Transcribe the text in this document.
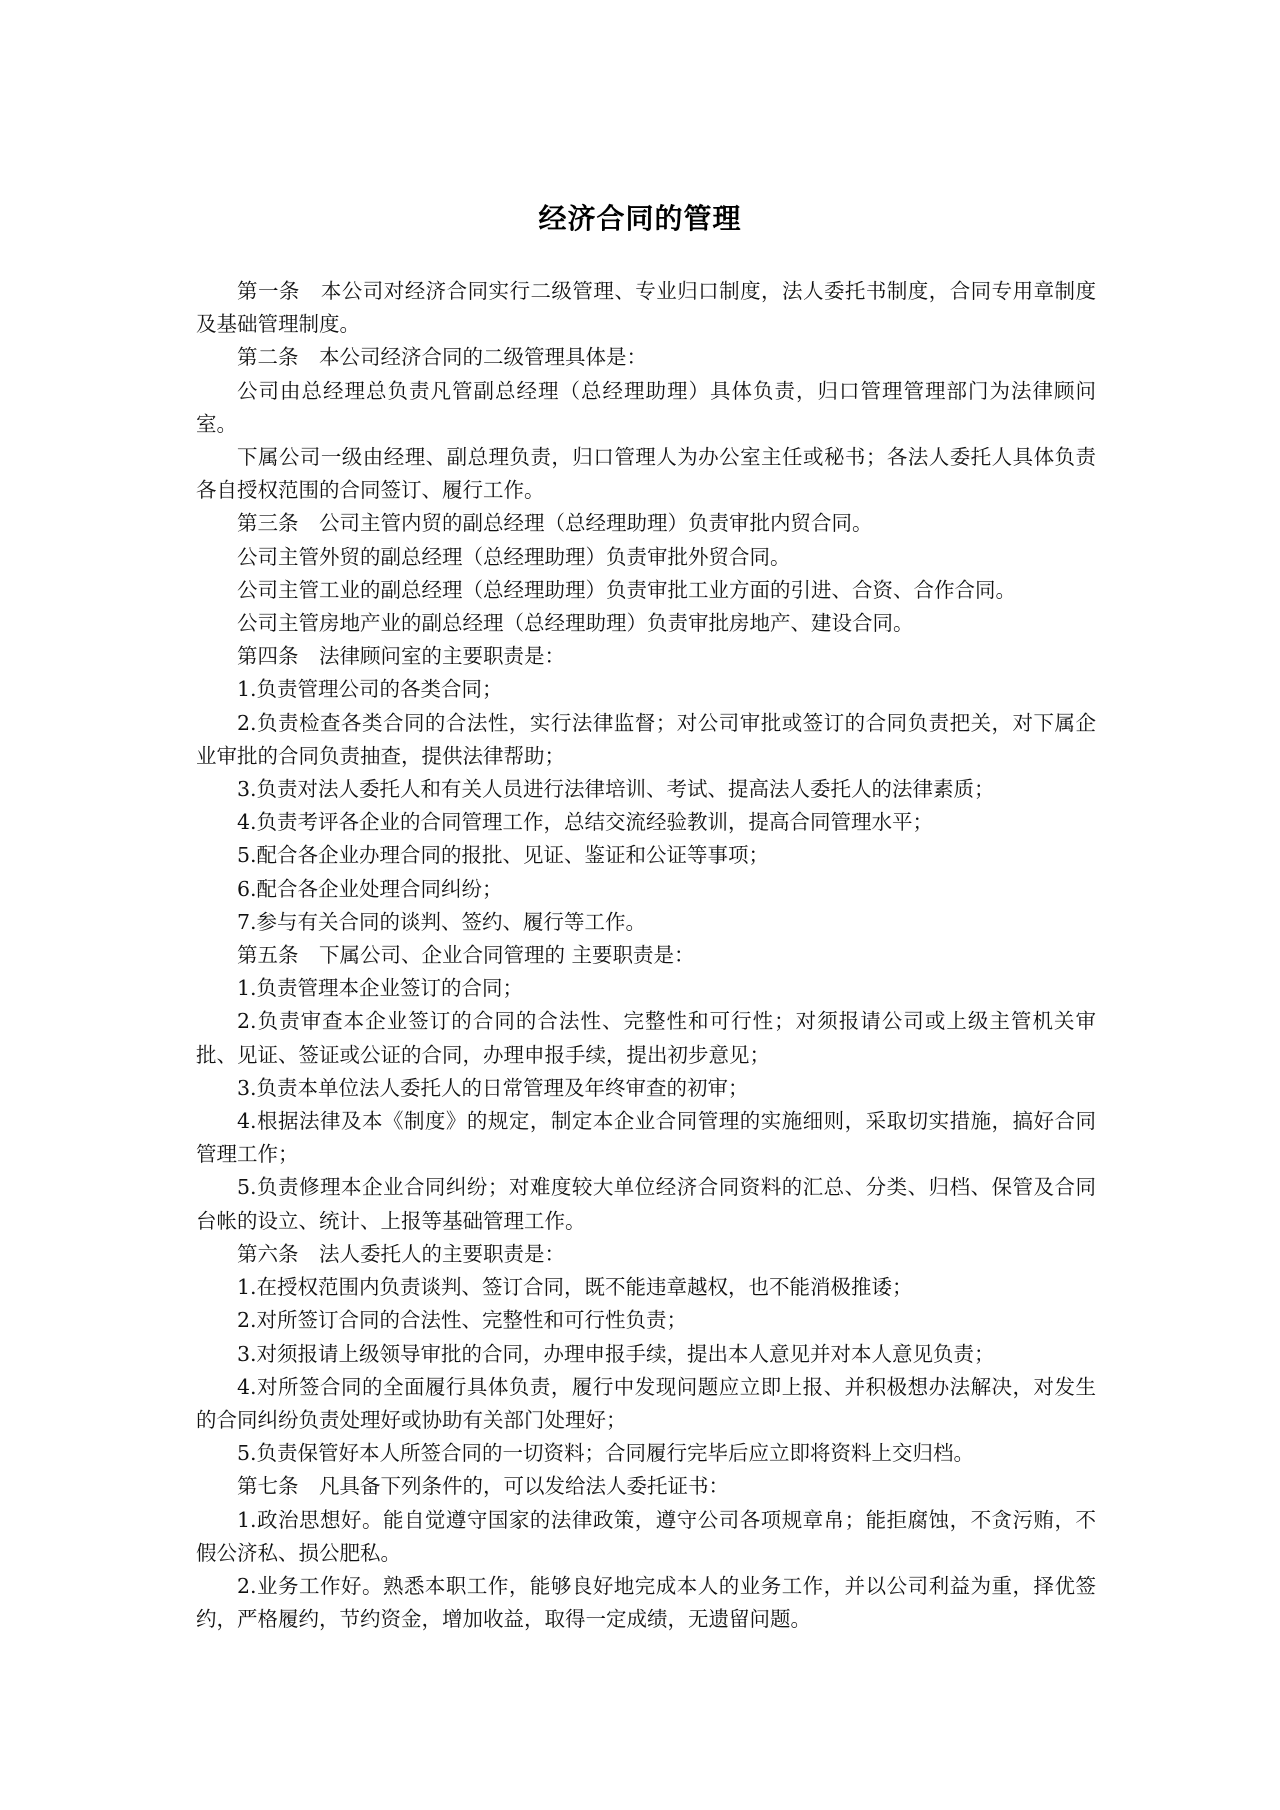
经济合同的管理

第一条　本公司对经济合同实行二级管理、专业归口制度，法人委托书制度，合同专用章制度及基础管理制度。

第二条　本公司经济合同的二级管理具体是：

公司由总经理总负责凡管副总经理（总经理助理）具体负责，归口管理管理部门为法律顾问室。

下属公司一级由经理、副总理负责，归口管理人为办公室主任或秘书；各法人委托人具体负责各自授权范围的合同签订、履行工作。

第三条　公司主管内贸的副总经理（总经理助理）负责审批内贸合同。

公司主管外贸的副总经理（总经理助理）负责审批外贸合同。

公司主管工业的副总经理（总经理助理）负责审批工业方面的引进、合资、合作合同。

公司主管房地产业的副总经理（总经理助理）负责审批房地产、建设合同。

第四条　法律顾问室的主要职责是：

1.负责管理公司的各类合同；

2.负责检查各类合同的合法性，实行法律监督；对公司审批或签订的合同负责把关，对下属企业审批的合同负责抽查，提供法律帮助；

3.负责对法人委托人和有关人员进行法律培训、考试、提高法人委托人的法律素质；

4.负责考评各企业的合同管理工作，总结交流经验教训，提高合同管理水平；

5.配合各企业办理合同的报批、见证、鉴证和公证等事项；

6.配合各企业处理合同纠纷；

7.参与有关合同的谈判、签约、履行等工作。

第五条　下属公司、企业合同管理的 主要职责是：

1.负责管理本企业签订的合同；

2.负责审查本企业签订的合同的合法性、完整性和可行性；对须报请公司或上级主管机关审批、见证、签证或公证的合同，办理申报手续，提出初步意见；

3.负责本单位法人委托人的日常管理及年终审查的初审；

4.根据法律及本《制度》的规定，制定本企业合同管理的实施细则，采取切实措施，搞好合同管理工作；

5.负责修理本企业合同纠纷；对难度较大单位经济合同资料的汇总、分类、归档、保管及合同台帐的设立、统计、上报等基础管理工作。

第六条　法人委托人的主要职责是：

1.在授权范围内负责谈判、签订合同，既不能违章越权，也不能消极推诿；

2.对所签订合同的合法性、完整性和可行性负责；

3.对须报请上级领导审批的合同，办理申报手续，提出本人意见并对本人意见负责；

4.对所签合同的全面履行具体负责，履行中发现问题应立即上报、并积极想办法解决，对发生的合同纠纷负责处理好或协助有关部门处理好；

5.负责保管好本人所签合同的一切资料；合同履行完毕后应立即将资料上交归档。

第七条　凡具备下列条件的，可以发给法人委托证书：

1.政治思想好。能自觉遵守国家的法律政策，遵守公司各项规章帛；能拒腐蚀，不贪污贿，不假公济私、损公肥私。

2.业务工作好。熟悉本职工作，能够良好地完成本人的业务工作，并以公司利益为重，择优签约，严格履约，节约资金，增加收益，取得一定成绩，无遗留问题。
